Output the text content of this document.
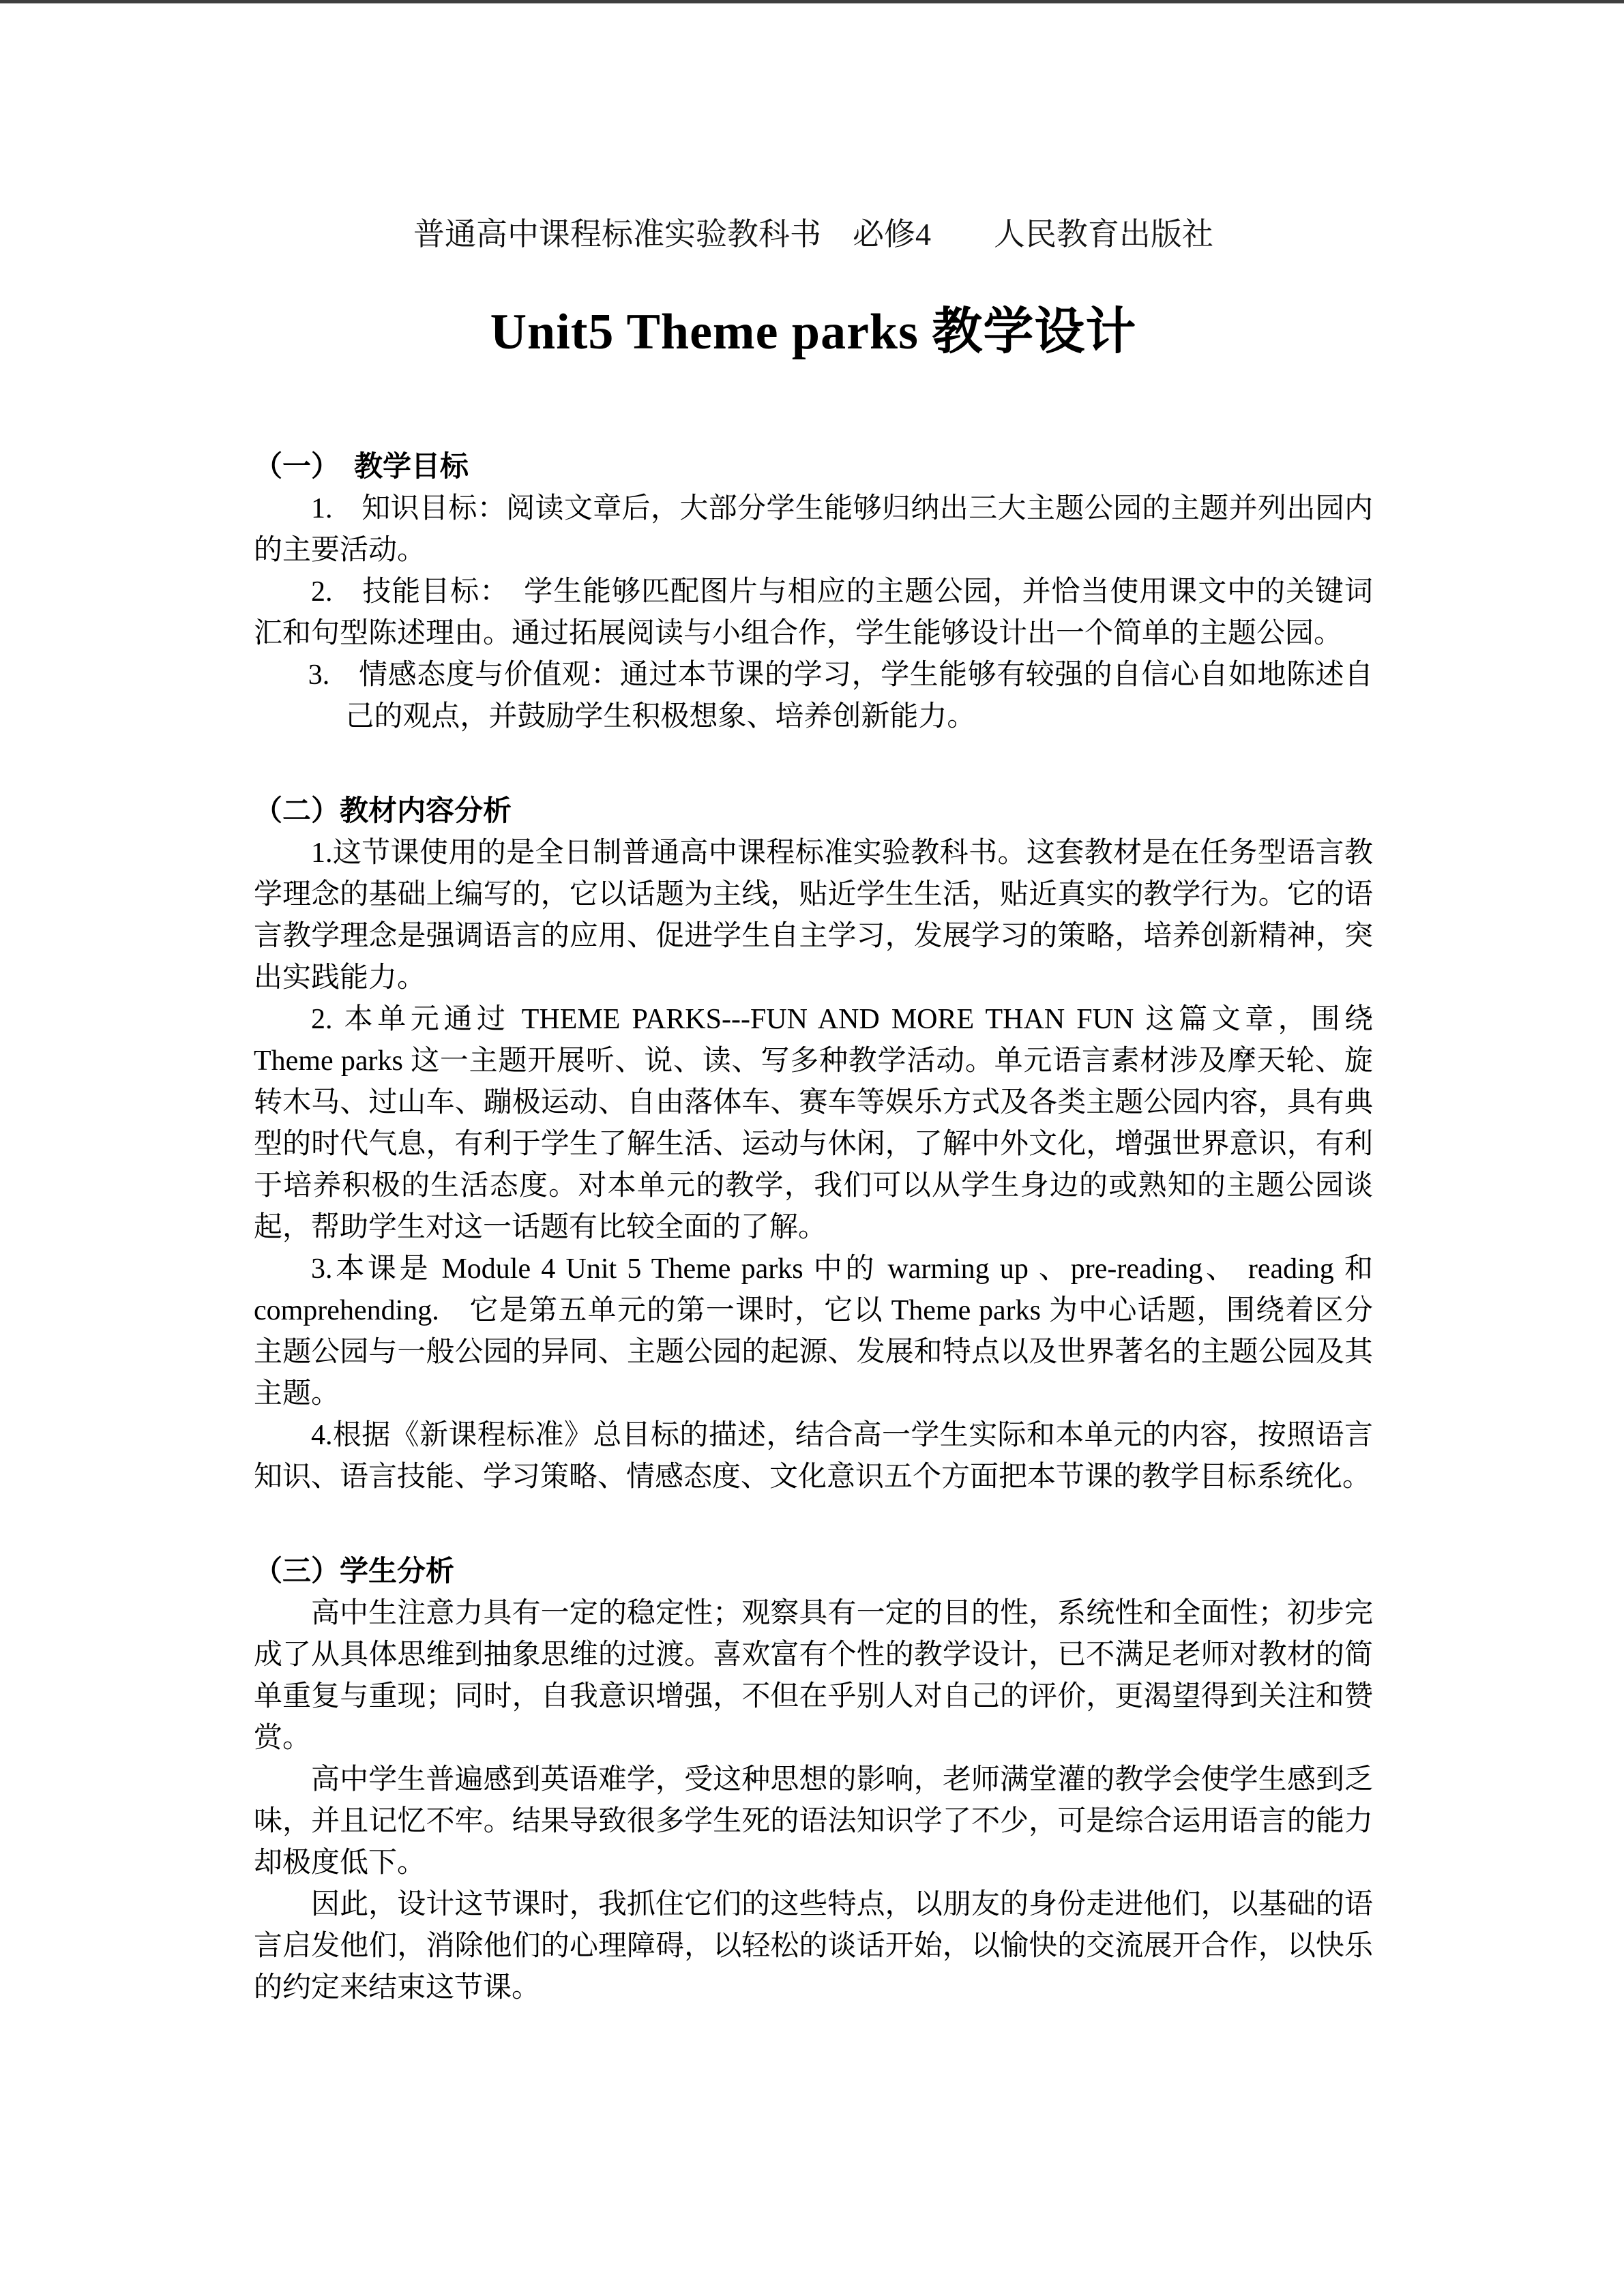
普通高中课程标准实验教科书　必修4　　人民教育出版社
Unit5 Theme parks 教学设计
（一）　教学目标

1.　知识目标：阅读文章后，大部分学生能够归纳出三大主题公园的主题并列出园内的主要活动。

2.　技能目标：　学生能够匹配图片与相应的主题公园，并恰当使用课文中的关键词汇和句型陈述理由。通过拓展阅读与小组合作，学生能够设计出一个简单的主题公园。

3.　情感态度与价值观：通过本节课的学习，学生能够有较强的自信心自如地陈述自己的观点，并鼓励学生积极想象、培养创新能力。

（二）教材内容分析

1.这节课使用的是全日制普通高中课程标准实验教科书。这套教材是在任务型语言教学理念的基础上编写的，它以话题为主线，贴近学生生活，贴近真实的教学行为。它的语言教学理念是强调语言的应用、促进学生自主学习，发展学习的策略，培养创新精神，突出实践能力。

2. 本单元通过 THEME PARKS---FUN AND MORE THAN FUN 这篇文章，围绕 Theme parks 这一主题开展听、说、读、写多种教学活动。单元语言素材涉及摩天轮、旋转木马、过山车、蹦极运动、自由落体车、赛车等娱乐方式及各类主题公园内容，具有典型的时代气息，有利于学生了解生活、运动与休闲，了解中外文化，增强世界意识，有利于培养积极的生活态度。对本单元的教学，我们可以从学生身边的或熟知的主题公园谈起，帮助学生对这一话题有比较全面的了解。

3.本课是 Module 4 Unit 5 Theme parks 中的 warming up 、pre-reading、 reading 和 comprehending.　它是第五单元的第一课时，它以 Theme parks 为中心话题，围绕着区分主题公园与一般公园的异同、主题公园的起源、发展和特点以及世界著名的主题公园及其主题。

4.根据《新课程标准》总目标的描述，结合高一学生实际和本单元的内容，按照语言知识、语言技能、学习策略、情感态度、文化意识五个方面把本节课的教学目标系统化。

（三）学生分析

高中生注意力具有一定的稳定性；观察具有一定的目的性，系统性和全面性；初步完成了从具体思维到抽象思维的过渡。喜欢富有个性的教学设计，已不满足老师对教材的简单重复与重现；同时，自我意识增强，不但在乎别人对自己的评价，更渴望得到关注和赞赏。

高中学生普遍感到英语难学，受这种思想的影响，老师满堂灌的教学会使学生感到乏味，并且记忆不牢。结果导致很多学生死的语法知识学了不少，可是综合运用语言的能力却极度低下。

因此，设计这节课时，我抓住它们的这些特点，以朋友的身份走进他们，以基础的语言启发他们，消除他们的心理障碍，以轻松的谈话开始，以愉快的交流展开合作，以快乐的约定来结束这节课。
